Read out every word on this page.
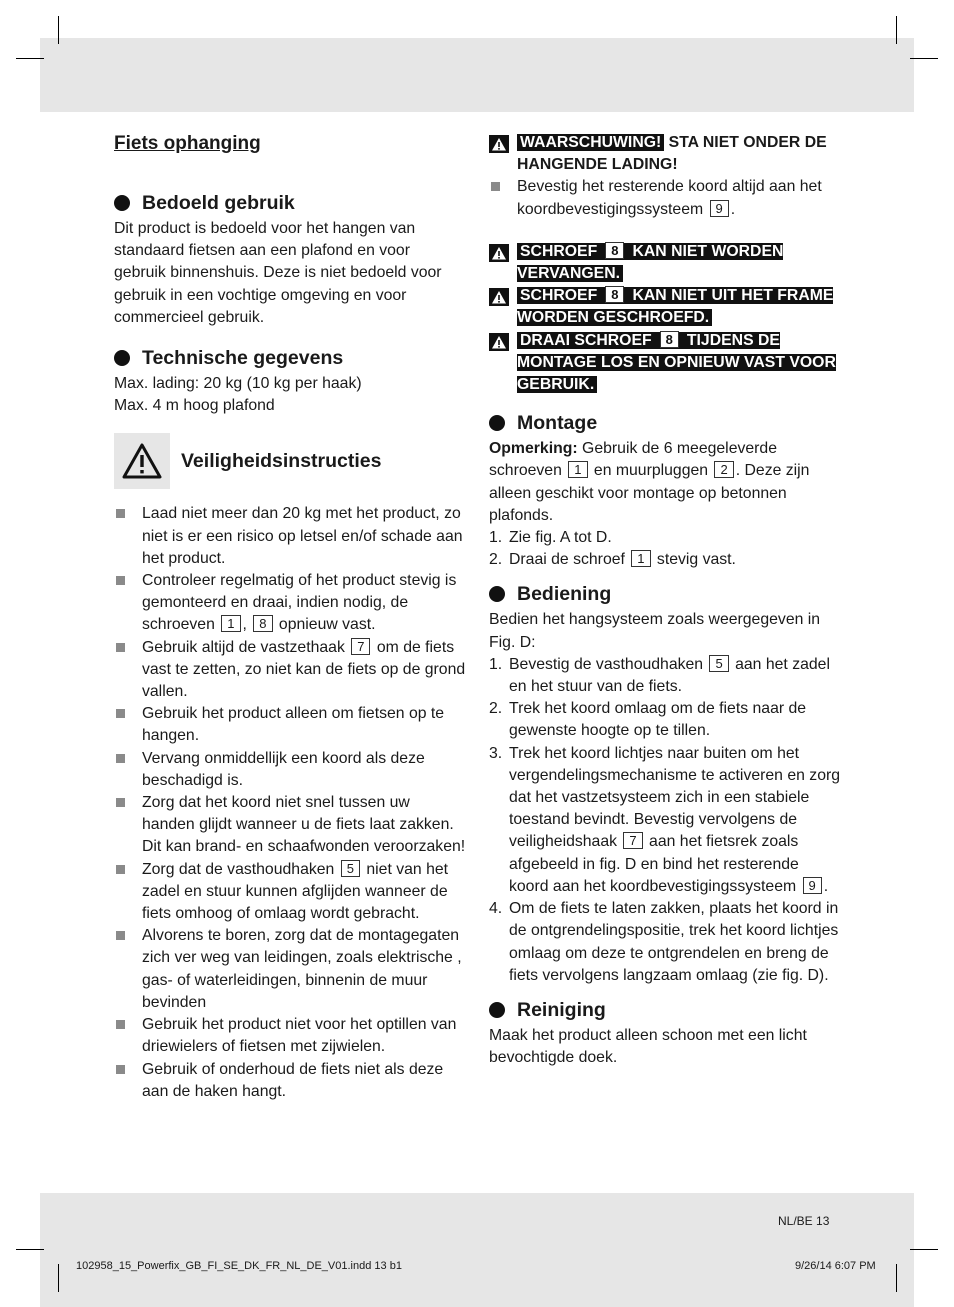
Fiets ophanging
Bedoeld gebruik

Dit product is bedoeld voor het hangen van standaard fietsen aan een plafond en voor gebruik binnenshuis. Deze is niet bedoeld voor gebruik in een vochtige omgeving en voor commercieel gebruik.

Technische gegevens

Max. lading: 20 kg (10 kg per haak)

Max. 4 m hoog plafond

Veiligheidsinstructies
Laad niet meer dan 20 kg met het product, zo niet is er een risico op letsel en/of schade aan het product.
Controleer regelmatig of het product stevig is gemonteerd en draai, indien nodig, de schroeven 1 , 8 opnieuw vast.
Gebruik altijd de vastzethaak 7 om de fiets vast te zetten, zo niet kan de fiets op de grond vallen.
Gebruik het product alleen om fietsen op te hangen.
Vervang onmiddellijk een koord als deze beschadigd is.
Zorg dat het koord niet snel tussen uw handen glijdt wanneer u de fiets laat zakken. Dit kan brand- en schaafwonden veroorzaken!
Zorg dat de vasthoudhaken 5 niet van het zadel en stuur kunnen afglijden wanneer de fiets omhoog of omlaag wordt gebracht.
Alvorens te boren, zorg dat de montagegaten zich ver weg van leidingen, zoals elektrische , gas- of waterleidingen, binnenin de muur bevinden
Gebruik het product niet voor het optillen van driewielers of fietsen met zijwielen.
Gebruik of onderhoud de fiets niet als deze aan de haken hangt.
WAARSCHUWING! STA NIET ONDER DE HANGENDE LADING!
Bevestig het resterende koord altijd aan het koordbevestigingssysteem 9 .
SCHROEF 8 KAN NIET WORDEN VERVANGEN.
SCHROEF 8 KAN NIET UIT HET FRAME WORDEN GESCHROEFD.
DRAAI SCHROEF 8 TIJDENS DE MONTAGE LOS EN OPNIEUW VAST VOOR GEBRUIK.
Montage

Opmerking: Gebruik de 6 meegeleverde schroeven 1 en muurpluggen 2 . Deze zijn alleen geschikt voor montage op betonnen plafonds.

1. Zie fig. A tot D.
2. Draai de schroef 1 stevig vast.
Bediening

Bedien het hangsysteem zoals weergegeven in Fig. D:

1. Bevestig de vasthoudhaken 5 aan het zadel en het stuur van de fiets.
2. Trek het koord omlaag om de fiets naar de gewenste hoogte op te tillen.
3. Trek het koord lichtjes naar buiten om het vergendelingsmechanisme te activeren en zorg dat het vastzetsysteem zich in een stabiele toestand bevindt. Bevestig vervolgens de veiligheidshaak 7 aan het fietsrek zoals afgebeeld in fig. D en bind het resterende koord aan het koordbevestigingssysteem 9 .
4. Om de fiets te laten zakken, plaats het koord in de ontgrendelingspositie, trek het koord lichtjes omlaag om deze te ontgrendelen en breng de fiets vervolgens langzaam omlaag (zie fig. D).
Reiniging

Maak het product alleen schoon met een licht bevochtigde doek.

NL/BE 13
102958_15_Powerfix_GB_FI_SE_DK_FR_NL_DE_V01.indd 13 b1	9/26/14 6:07 PM
